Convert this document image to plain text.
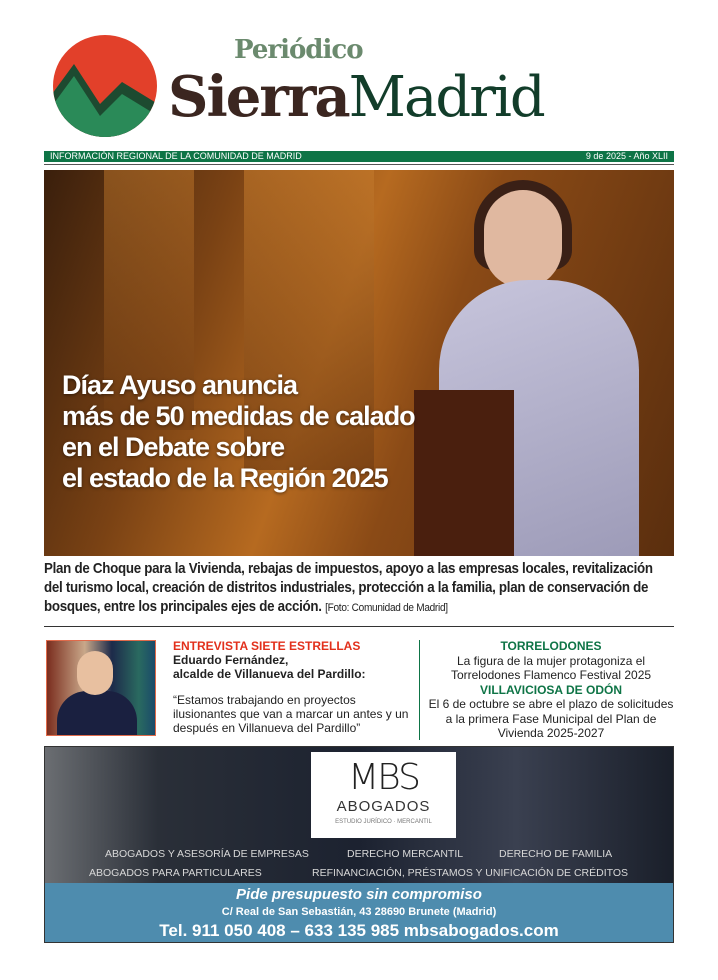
Periódico
Sierra Madrid
INFORMACIÓN REGIONAL DE LA COMUNIDAD DE MADRID	9 de 2025 - Año XLII
Díaz Ayuso anuncia
más de 50 medidas de calado
en el Debate sobre
el estado de la Región 2025
Plan de Choque para la Vivienda, rebajas de impuestos, apoyo a las empresas locales, revitalización del turismo local, creación de distritos industriales, protección a la familia, plan de conservación de bosques, entre los principales ejes de acción. [Foto: Comunidad de Madrid]
ENTREVISTA SIETE ESTRELLAS
Eduardo Fernández,
alcalde de Villanueva del Pardillo:
“Estamos trabajando en proyectos ilusionantes que van a marcar un antes y un después en Villanueva del Pardillo”
TORRELODONES
La figura de la mujer protagoniza el Torrelodones Flamenco Festival 2025
VILLAVICIOSA DE ODÓN
El 6 de octubre se abre el plazo de solicitudes a la primera Fase Municipal del Plan de Vivienda 2025-2027
MBS
ABOGADOS
ESTUDIO JURÍDICO · MERCANTIL
ABOGADOS Y ASESORÍA DE EMPRESAS	DERECHO MERCANTIL	DERECHO DE FAMILIA
ABOGADOS PARA PARTICULARES	REFINANCIACIÓN, PRÉSTAMOS Y UNIFICACIÓN DE CRÉDITOS
Pide presupuesto sin compromiso
C/ Real de San Sebastián, 43 28690 Brunete (Madrid)
Tel. 911 050 408 – 633 135 985 mbsabogados.com
